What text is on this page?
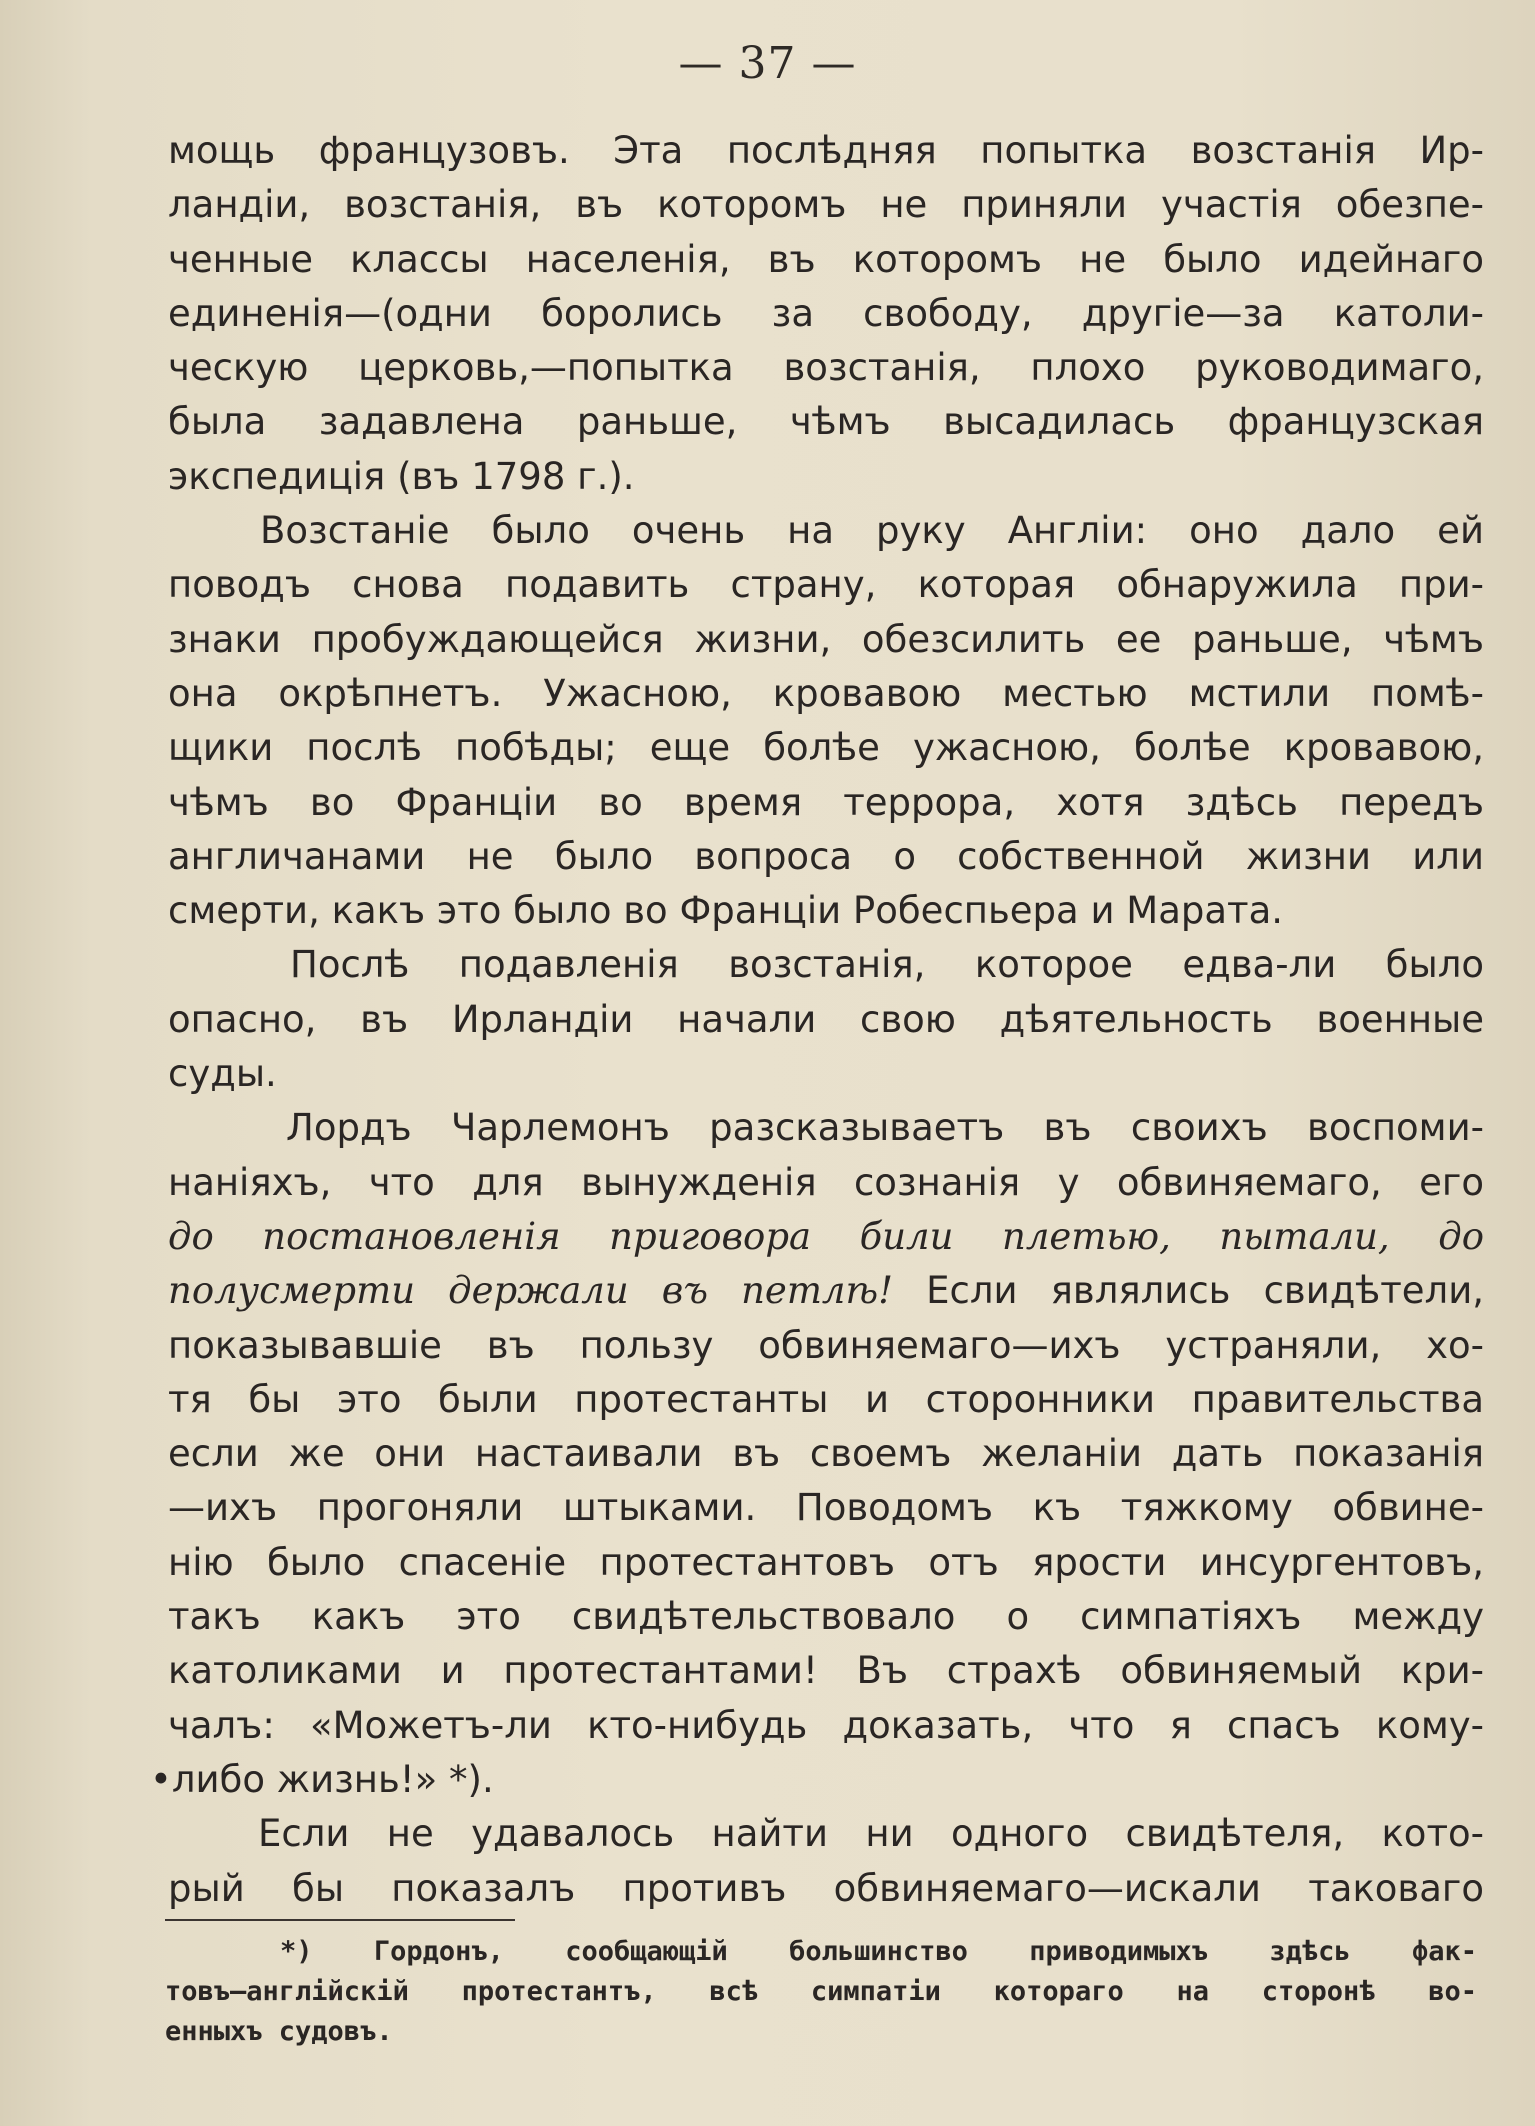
— 37 —
мощь французовъ. Эта послѣдняя попытка возстанія Ир-
ландіи, возстанія, въ которомъ не приняли участія обезпе-
ченные классы населенія, въ которомъ не было идейнаго
единенія—(одни боролись за свободу, другіе—за католи-
ческую церковь,—попытка возстанія, плохо руководимаго,
была задавлена раньше, чѣмъ высадилась французская
экспедиція (въ 1798 г.).
Возстаніе было очень на руку Англіи: оно дало ей
поводъ снова подавить страну, которая обнаружила при-
знаки пробуждающейся жизни, обезсилить ее раньше, чѣмъ
она окрѣпнетъ. Ужасною, кровавою местью мстили помѣ-
щики послѣ побѣды; еще болѣе ужасною, болѣе кровавою,
чѣмъ во Франціи во время террора, хотя здѣсь передъ
англичанами не было вопроса о собственной жизни или
смерти, какъ это было во Франціи Робеспьера и Марата.
Послѣ подавленія возстанія, которое едва-ли было
опасно, въ Ирландіи начали свою дѣятельность военные
суды.
Лордъ Чарлемонъ разсказываетъ въ своихъ воспоми-
наніяхъ, что для вынужденія сознанія у обвиняемаго, его
до постановленія приговора били плетью, пытали, до
полусмерти держали въ петлѣ! Если являлись свидѣтели,
показывавшіе въ пользу обвиняемаго—ихъ устраняли, хо-
тя бы это были протестанты и сторонники правительства
если же они настаивали въ своемъ желаніи дать показанія
—ихъ прогоняли штыками. Поводомъ къ тяжкому обвине-
нію было спасеніе протестантовъ отъ ярости инсургентовъ,
такъ какъ это свидѣтельствовало о симпатіяхъ между
католиками и протестантами! Въ страхѣ обвиняемый кри-
чалъ: «Можетъ-ли кто-нибудь доказать, что я спасъ кому-
•либо жизнь!» *).
Если не удавалось найти ни одного свидѣтеля, кото-
рый бы показалъ противъ обвиняемаго—искали таковаго
*) Гордонъ, сообщающій большинство приводимыхъ здѣсь фак-
товъ—англійскій протестантъ, всѣ симпатіи котораго на сторонѣ во-
енныхъ судовъ.
